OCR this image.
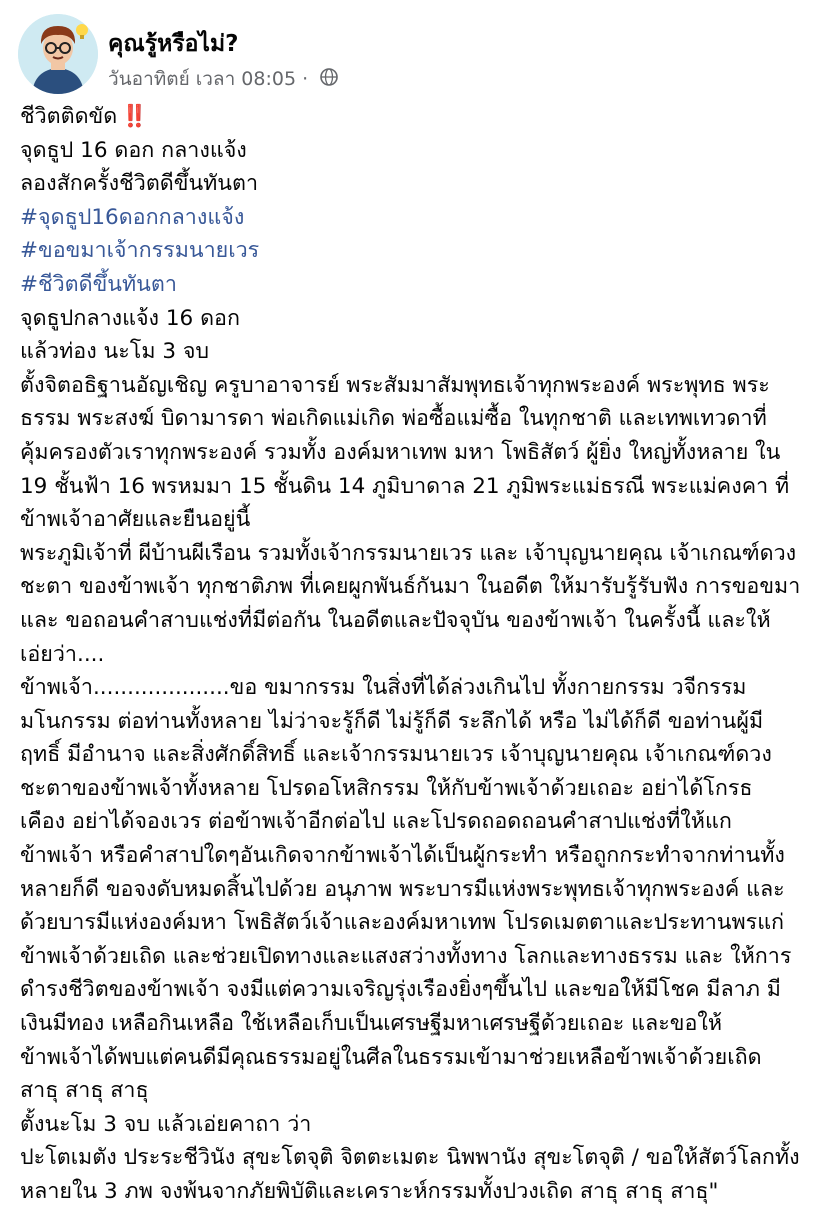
คุณรู้หรือไม่?
วันอาทิตย์ เวลา 08:05 ·
ชีวิตติดขัด ‼️
จุดธูป 16 ดอก กลางแจ้ง
ลองสักครั้งชีวิตดีขึ้นทันตา
#จุดธูป16ดอกกลางแจ้ง
#ขอขมาเจ้ากรรมนายเวร
#ชีวิตดีขึ้นทันตา
จุดธูปกลางแจ้ง 16 ดอก
แล้วท่อง นะโม 3 จบ
ตั้งจิตอธิฐานอัญเชิญ ครูบาอาจารย์ พระสัมมาสัมพุทธเจ้าทุกพระองค์ พระพุทธ พระ
ธรรม พระสงฆ์ บิดามารดา พ่อเกิดแม่เกิด พ่อซื้อแม่ซื้อ ในทุกชาติ และเทพเทวดาที่
คุ้มครองตัวเราทุกพระองค์ รวมทั้ง องค์มหาเทพ มหา โพธิสัตว์ ผู้ยิ่ง ใหญ่ทั้งหลาย ใน
19 ชั้นฟ้า 16 พรหมมา 15 ชั้นดิน 14 ภูมิบาดาล 21 ภูมิพระแม่ธรณี พระแม่คงคา ที่
ข้าพเจ้าอาศัยและยืนอยู่นี้
พระภูมิเจ้าที่ ผีบ้านผีเรือน รวมทั้งเจ้ากรรมนายเวร และ เจ้าบุญนายคุณ เจ้าเกณฑ์ดวง
ชะตา ของข้าพเจ้า ทุกชาติภพ ที่เคยผูกพันธ์กันมา ในอดีต ให้มารับรู้รับฟัง การขอขมา
และ ขอถอนคำสาบแช่งที่มีต่อกัน ในอดีตและปัจจุบัน ของข้าพเจ้า ในครั้งนี้ และให้
เอ่ยว่า....
ข้าพเจ้า....................ขอ ขมากรรม ในสิ่งที่ได้ล่วงเกินไป ทั้งกายกรรม วจีกรรม
มโนกรรม ต่อท่านทั้งหลาย ไม่ว่าจะรู้ก็ดี ไม่รู้ก็ดี ระลึกได้ หรือ ไม่ได้ก็ดี ขอท่านผู้มี
ฤทธิ์ มีอำนาจ และสิ่งศักดิ์สิทธิ์ และเจ้ากรรมนายเวร เจ้าบุญนายคุณ เจ้าเกณฑ์ดวง
ชะตาของข้าพเจ้าทั้งหลาย โปรดอโหสิกรรม ให้กับข้าพเจ้าด้วยเถอะ อย่าได้โกรธ
เคือง อย่าได้จองเวร ต่อข้าพเจ้าอีกต่อไป และโปรดถอดถอนคำสาปแช่งที่ให้แก
ข้าพเจ้า หรือคำสาปใดๆอันเกิดจากข้าพเจ้าได้เป็นผู้กระทำ หรือถูกกระทำจากท่านทั้ง
หลายก็ดี ขอจงดับหมดสิ้นไปด้วย อนุภาพ พระบารมีแห่งพระพุทธเจ้าทุกพระองค์ และ
ด้วยบารมีแห่งองค์มหา โพธิสัตว์เจ้าและองค์มหาเทพ โปรดเมตตาและประทานพรแก่
ข้าพเจ้าด้วยเถิด และช่วยเปิดทางและแสงสว่างทั้งทาง โลกและทางธรรม และ ให้การ
ดำรงชีวิตของข้าพเจ้า จงมีแต่ความเจริญรุ่งเรืองยิ่งๆขึ้นไป และขอให้มีโชค มีลาภ มี
เงินมีทอง เหลือกินเหลือ ใช้เหลือเก็บเป็นเศรษฐีมหาเศรษฐีด้วยเถอะ และขอให้
ข้าพเจ้าได้พบแต่คนดีมีคุณธรรมอยู่ในศีลในธรรมเข้ามาช่วยเหลือข้าพเจ้าด้วยเถิด
สาธุ สาธุ สาธุ
ตั้งนะโม 3 จบ แล้วเอ่ยคาถา ว่า
ปะโตเมตัง ประระชีวินัง สุขะโตจุติ จิตตะเมตะ นิพพานัง สุขะโตจุติ / ขอให้สัตว์โลกทั้ง
หลายใน 3 ภพ จงพ้นจากภัยพิบัติและเคราะห์กรรมทั้งปวงเถิด สาธุ สาธุ สาธุ"
